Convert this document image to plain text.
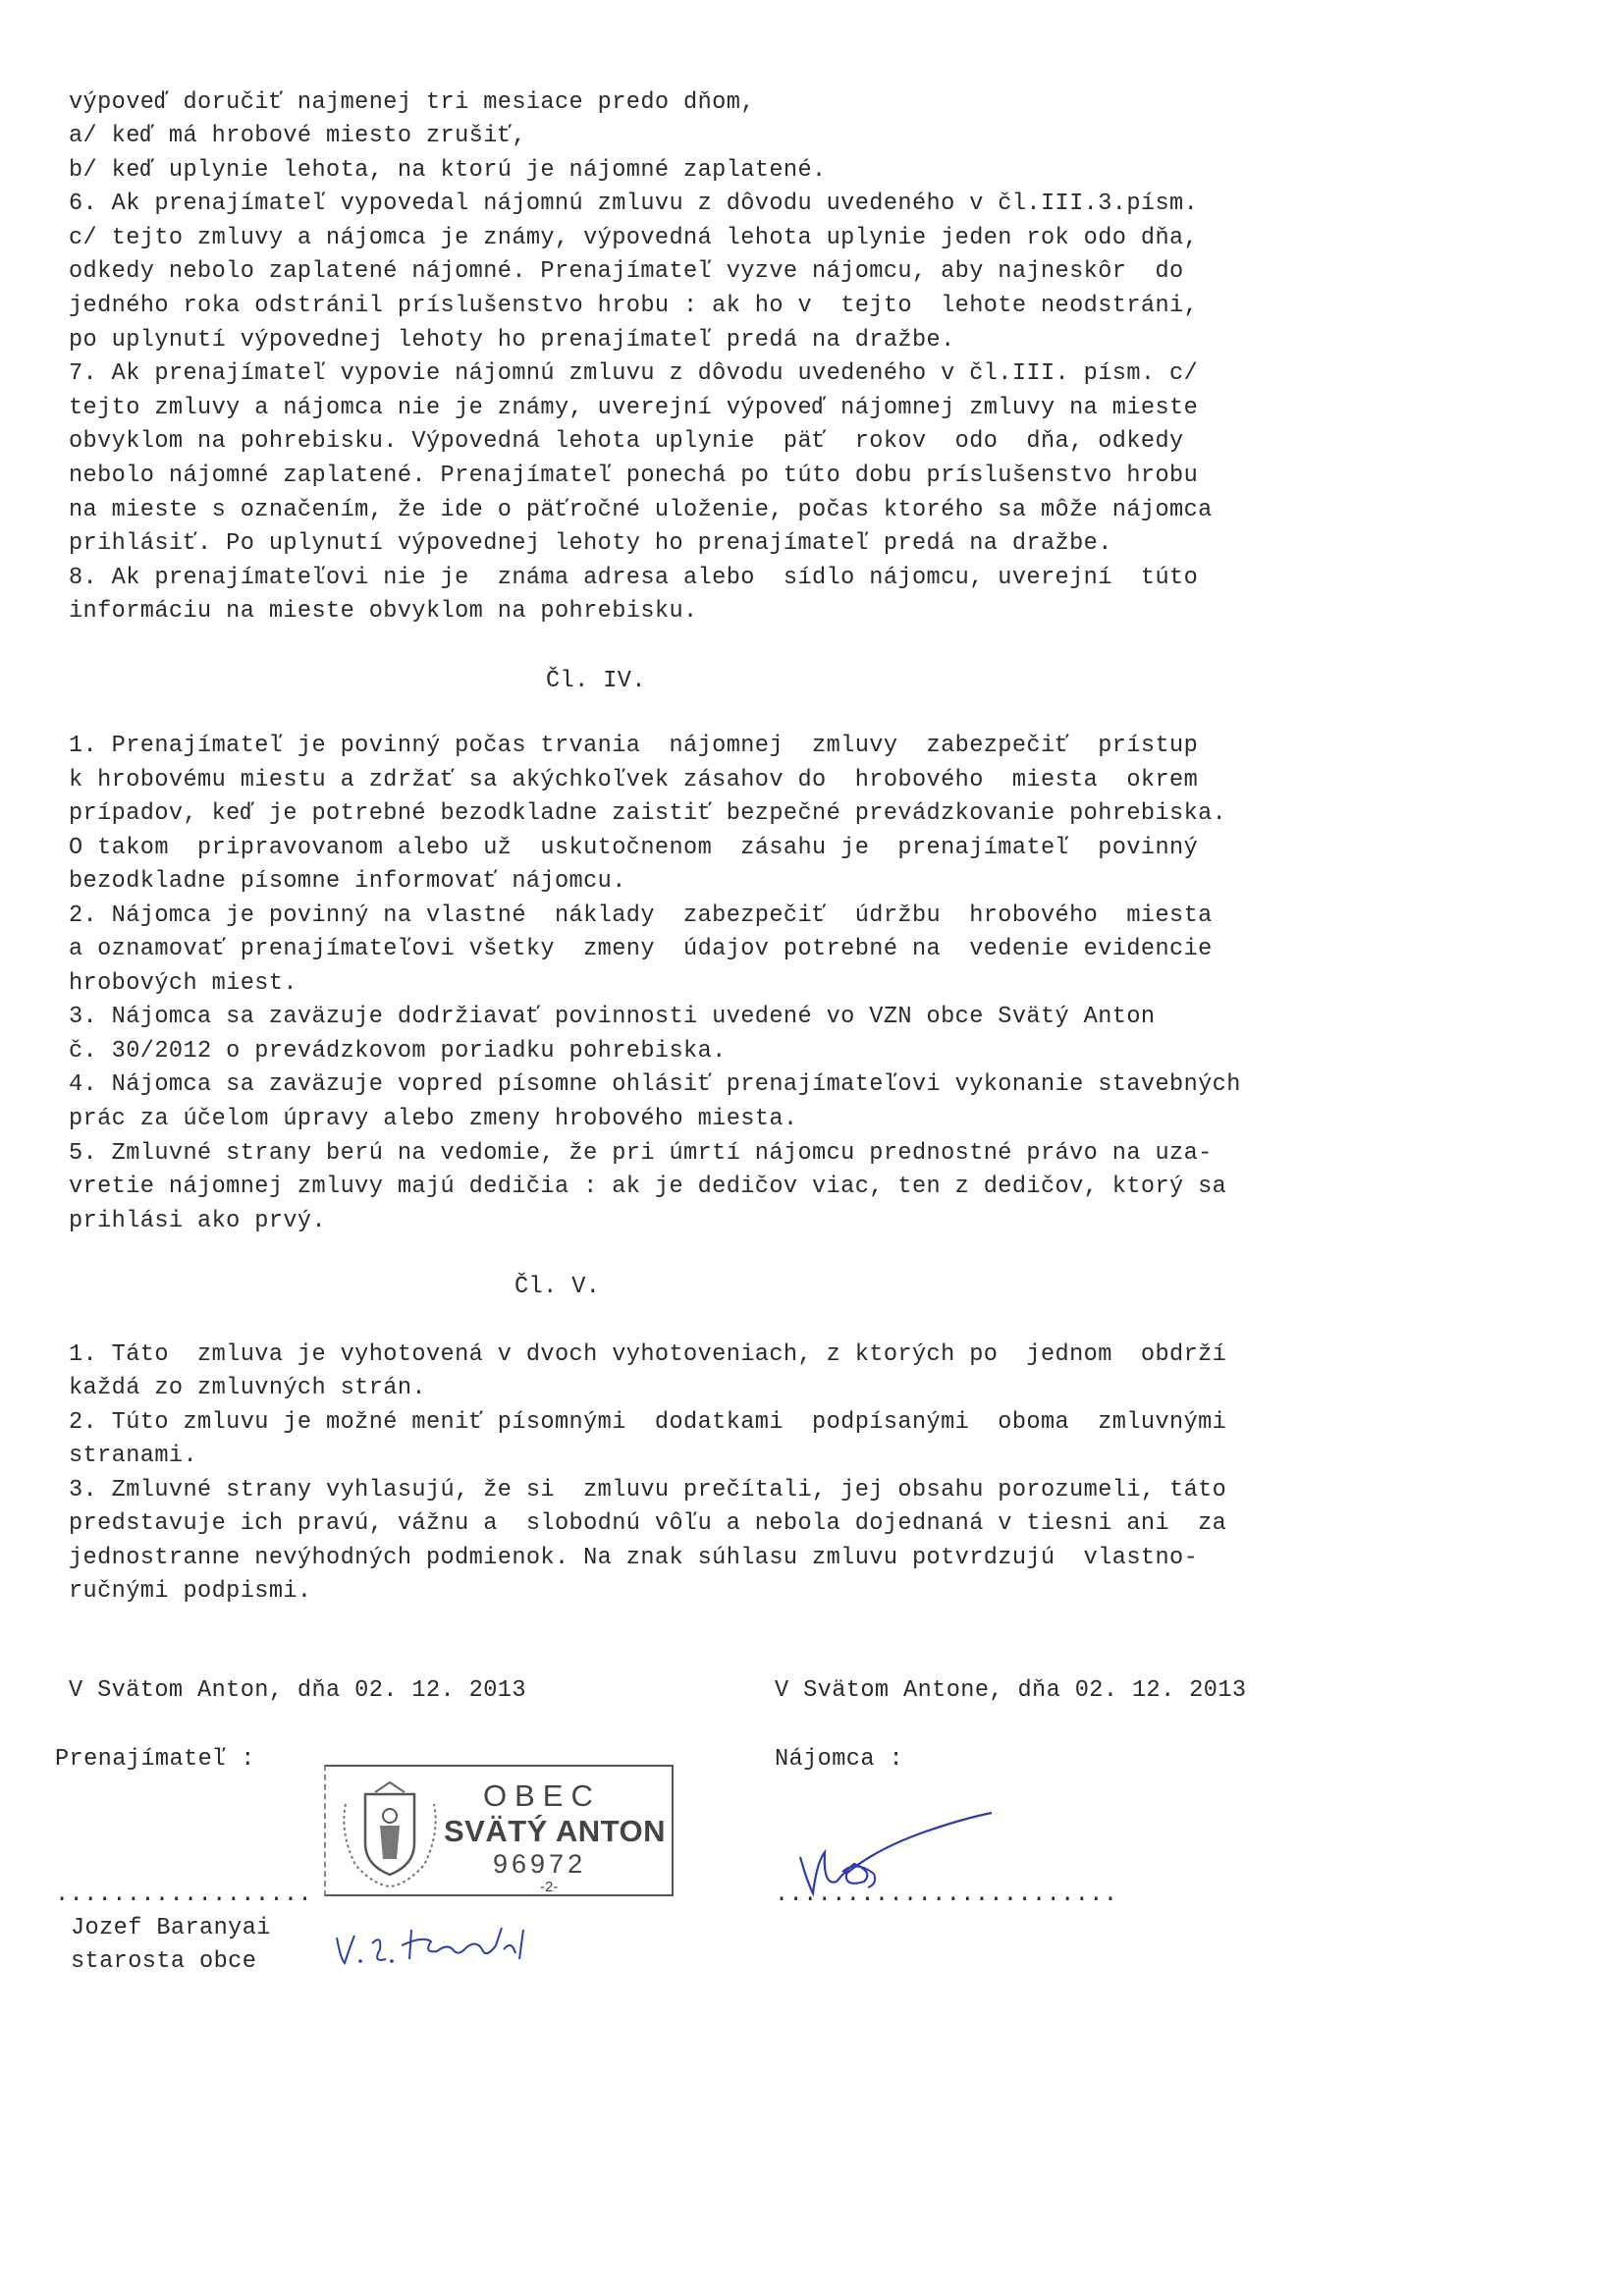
výpoveď doručiť najmenej tri mesiace predo dňom,
a/ keď má hrobové miesto zrušiť,
b/ keď uplynie lehota, na ktorú je nájomné zaplatené.
6. Ak prenajímateľ vypovedal nájomnú zmluvu z dôvodu uvedeného v čl.III.3.písm.
c/ tejto zmluvy a nájomca je známy, výpovedná lehota uplynie jeden rok odo dňa,
odkedy nebolo zaplatené nájomné. Prenajímateľ vyzve nájomcu, aby najneskôr  do
jedného roka odstránil príslušenstvo hrobu : ak ho v  tejto  lehote neodstráni,
po uplynutí výpovednej lehoty ho prenajímateľ predá na dražbe.
7. Ak prenajímateľ vypovie nájomnú zmluvu z dôvodu uvedeného v čl.III. písm. c/
tejto zmluvy a nájomca nie je známy, uverejní výpoveď nájomnej zmluvy na mieste
obvyklom na pohrebisku. Výpovedná lehota uplynie  päť  rokov  odo  dňa, odkedy
nebolo nájomné zaplatené. Prenajímateľ ponechá po túto dobu príslušenstvo hrobu
na mieste s označením, že ide o päťročné uloženie, počas ktorého sa môže nájomca
prihlásiť. Po uplynutí výpovednej lehoty ho prenajímateľ predá na dražbe.
8. Ak prenajímateľovi nie je  známa adresa alebo  sídlo nájomcu, uverejní  túto
informáciu na mieste obvyklom na pohrebisku.
Čl. IV.
1. Prenajímateľ je povinný počas trvania  nájomnej  zmluvy  zabezpečiť  prístup
k hrobovému miestu a zdržať sa akýchkoľvek zásahov do  hrobového  miesta  okrem
prípadov, keď je potrebné bezodkladne zaistiť bezpečné prevádzkovanie pohrebiska.
O takom  pripravovanom alebo už  uskutočnenom  zásahu je  prenajímateľ  povinný
bezodkladne písomne informovať nájomcu.
2. Nájomca je povinný na vlastné  náklady  zabezpečiť  údržbu  hrobového  miesta
a oznamovať prenajímateľovi všetky  zmeny  údajov potrebné na  vedenie evidencie
hrobových miest.
3. Nájomca sa zaväzuje dodržiavať povinnosti uvedené vo VZN obce Svätý Anton
č. 30/2012 o prevádzkovom poriadku pohrebiska.
4. Nájomca sa zaväzuje vopred písomne ohlásiť prenajímateľovi vykonanie stavebných
prác za účelom úpravy alebo zmeny hrobového miesta.
5. Zmluvné strany berú na vedomie, že pri úmrtí nájomcu prednostné právo na uza-
vretie nájomnej zmluvy majú dedičia : ak je dedičov viac, ten z dedičov, ktorý sa
prihlási ako prvý.
Čl. V.
1. Táto  zmluva je vyhotovená v dvoch vyhotoveniach, z ktorých po  jednom  obdrží
každá zo zmluvných strán.
2. Túto zmluvu je možné meniť písomnými  dodatkami  podpísanými  oboma  zmluvnými
stranami.
3. Zmluvné strany vyhlasujú, že si  zmluvu prečítali, jej obsahu porozumeli, táto
predstavuje ich pravú, vážnu a  slobodnú vôľu a nebola dojednaná v tiesni ani  za
jednostranne nevýhodných podmienok. Na znak súhlasu zmluvu potvrdzujú  vlastno-
ručnými podpismi.
V Svätom Anton, dňa 02. 12. 2013	V Svätom Antone, dňa 02. 12. 2013
Prenajímateľ :	Nájomca :
OBEC
SVÄTÝ ANTON
96972
-2-
..................	........................
Jozef Baranyai
starosta obce
